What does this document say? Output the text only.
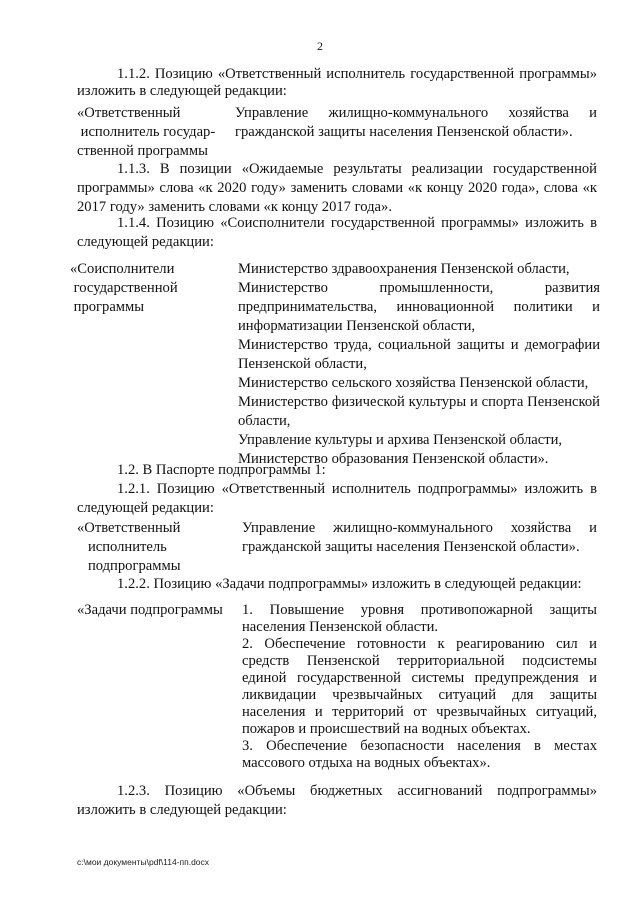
2
1.1.2. Позицию «Ответственный исполнитель государственной программы» изложить в следующей редакции:
«Ответственный
исполнитель государ-
ственной программы
Управление жилищно-коммунального хозяйства и гражданской защиты населения Пензенской области».
1.1.3. В позиции «Ожидаемые результаты реализации государственной программы» слова «к 2020 году» заменить словами «к концу 2020 года», слова «к 2017 году» заменить словами «к концу 2017 года».
1.1.4. Позицию «Соисполнители государственной программы» изложить в следующей редакции:
«Соисполнители
государственной
программы
Министерство здравоохранения Пензенской области,
Министерство промышленности, развития предпринимательства, инновационной политики и информатизации Пензенской области,
Министерство труда, социальной защиты и демографии Пензенской области,
Министерство сельского хозяйства Пензенской области,
Министерство физической культуры и спорта Пензенской области,
Управление культуры и архива Пензенской области,
Министерство образования Пензенской области».
1.2. В Паспорте подпрограммы 1:
1.2.1. Позицию «Ответственный исполнитель подпрограммы» изложить в следующей редакции:
«Ответственный
исполнитель
подпрограммы
Управление жилищно-коммунального хозяйства и гражданской защиты населения Пензенской области».
1.2.2. Позицию «Задачи подпрограммы» изложить в следующей редакции:
«Задачи подпрограммы 1. Повышение уровня противопожарной защиты населения Пензенской области.
2. Обеспечение готовности к реагированию сил и средств Пензенской территориальной подсистемы единой государственной системы предупреждения и ликвидации чрезвычайных ситуаций для защиты населения и территорий от чрезвычайных ситуаций, пожаров и происшествий на водных объектах.
3. Обеспечение безопасности населения в местах массового отдыха на водных объектах».
1.2.3. Позицию «Объемы бюджетных ассигнований подпрограммы» изложить в следующей редакции:
c:\мои документы\pdf\114-пп.docx
